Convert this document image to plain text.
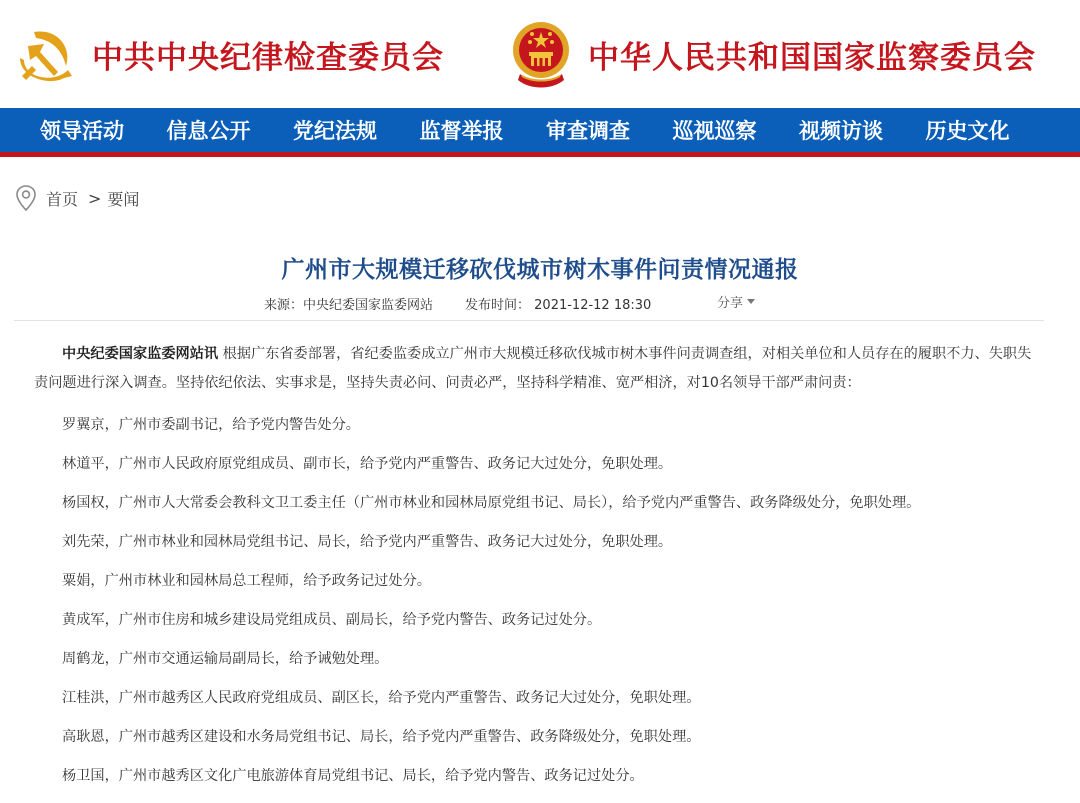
中共中央纪律检查委员会	中华人民共和国国家监察委员会
领导活动	信息公开	党纪法规	监督举报	审查调查	巡视巡察	视频访谈	历史文化
首页 > 要闻
广州市大规模迁移砍伐城市树木事件问责情况通报
来源：中央纪委国家监委网站 发布时间： 2021-12-12 18:30	分享

中央纪委国家监委网站讯 根据广东省委部署，省纪委监委成立广州市大规模迁移砍伐城市树木事件问责调查组，对相关单位和人员存在的履职不力、失职失责问题进行深入调查。坚持依纪依法、实事求是，坚持失责必问、问责必严，坚持科学精准、宽严相济，对10名领导干部严肃问责：

罗翼京，广州市委副书记，给予党内警告处分。

林道平，广州市人民政府原党组成员、副市长，给予党内严重警告、政务记大过处分，免职处理。

杨国权，广州市人大常委会教科文卫工委主任（广州市林业和园林局原党组书记、局长），给予党内严重警告、政务降级处分，免职处理。

刘先荣，广州市林业和园林局党组书记、局长，给予党内严重警告、政务记大过处分，免职处理。

粟娟，广州市林业和园林局总工程师，给予政务记过处分。

黄成军，广州市住房和城乡建设局党组成员、副局长，给予党内警告、政务记过处分。

周鹤龙，广州市交通运输局副局长，给予诫勉处理。

江桂洪，广州市越秀区人民政府党组成员、副区长，给予党内严重警告、政务记大过处分，免职处理。

高耿恩，广州市越秀区建设和水务局党组书记、局长，给予党内严重警告、政务降级处分，免职处理。

杨卫国，广州市越秀区文化广电旅游体育局党组书记、局长，给予党内警告、政务记过处分。
